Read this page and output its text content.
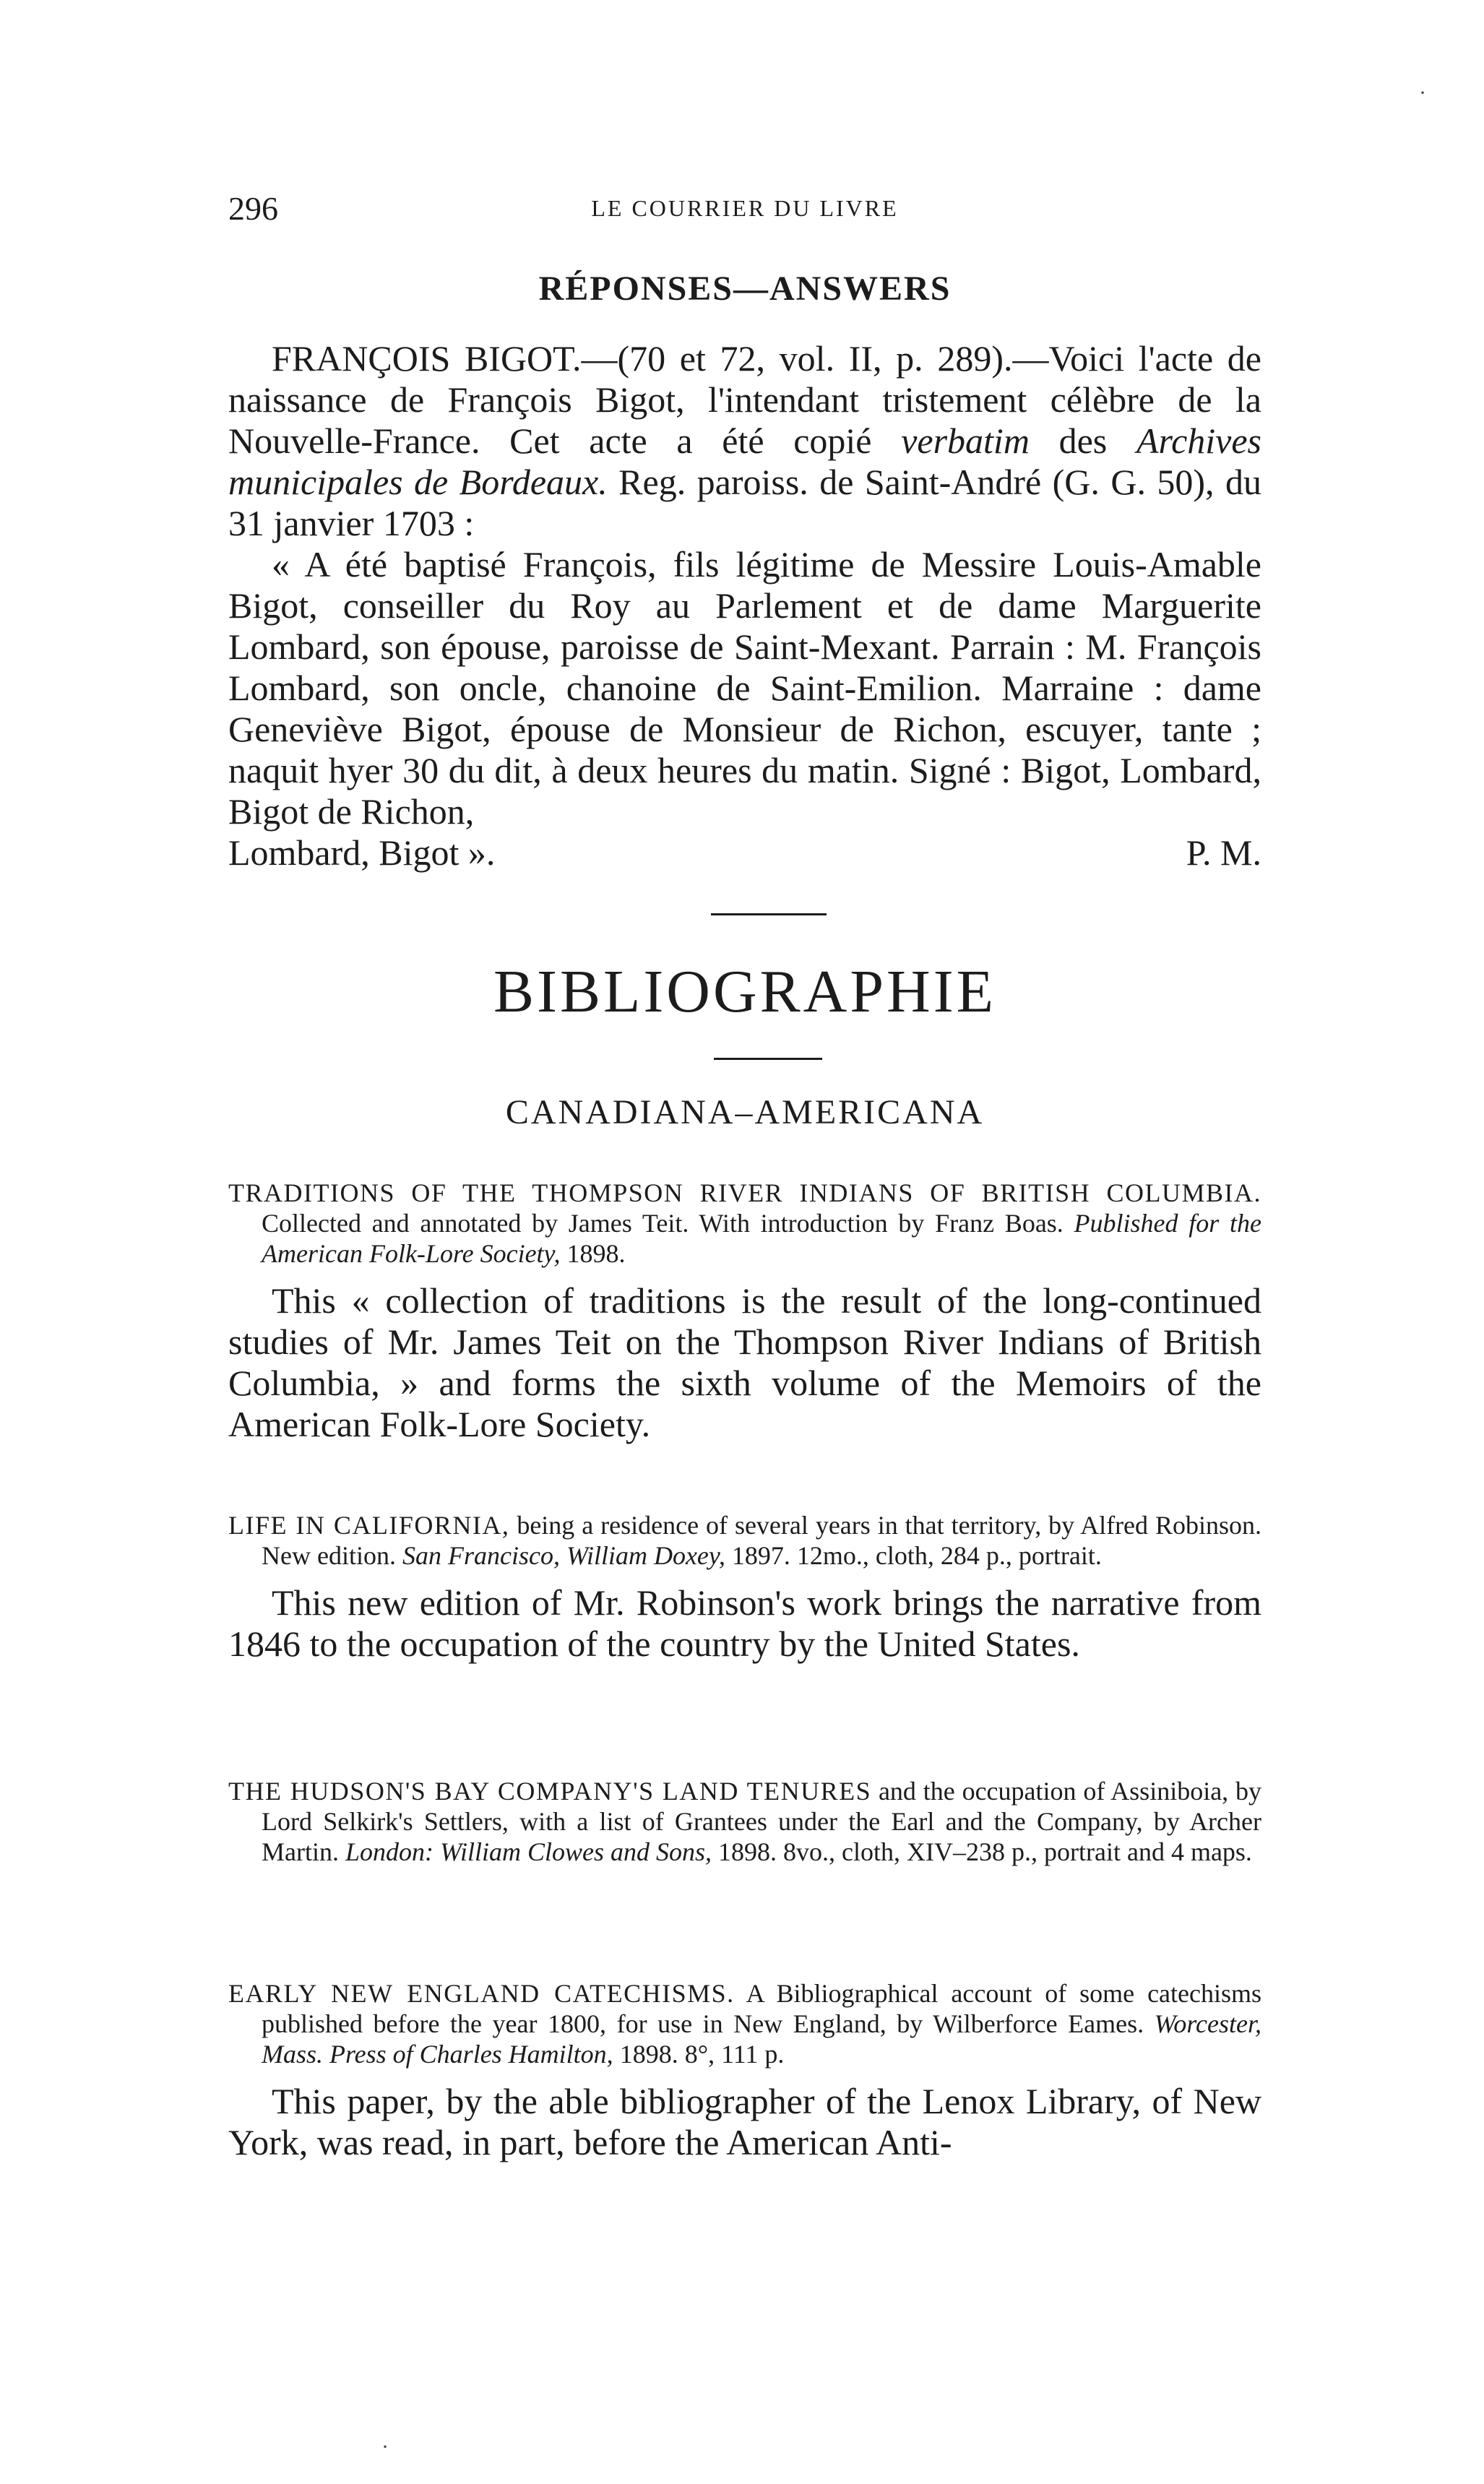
296	LE COURRIER DU LIVRE
RÉPONSES—ANSWERS

FRANÇOIS BIGOT.—(70 et 72, vol. II, p. 289).—Voici l'acte de naissance de François Bigot, l'intendant tristement célèbre de la Nouvelle-France. Cet acte a été copié verbatim des Archives municipales de Bordeaux. Reg. paroiss. de Saint-André (G. G. 50), du 31 janvier 1703 :

« A été baptisé François, fils légitime de Messire Louis-Amable Bigot, conseiller du Roy au Parlement et de dame Marguerite Lombard, son épouse, paroisse de Saint-Mexant. Parrain : M. François Lombard, son oncle, chanoine de Saint-Emilion. Marraine : dame Geneviève Bigot, épouse de Monsieur de Richon, escuyer, tante ; naquit hyer 30 du dit, à deux heures du matin. Signé : Bigot, Lombard, Bigot de Richon,

Lombard, Bigot ».	P. M.
BIBLIOGRAPHIE
CANADIANA–AMERICANA

TRADITIONS OF THE THOMPSON RIVER INDIANS OF BRITISH COLUMBIA. Collected and annotated by James Teit. With introduction by Franz Boas. Published for the American Folk-Lore Society, 1898.

This « collection of traditions is the result of the long-continued studies of Mr. James Teit on the Thompson River Indians of British Columbia, » and forms the sixth volume of the Memoirs of the American Folk-Lore Society.

LIFE IN CALIFORNIA, being a residence of several years in that territory, by Alfred Robinson. New edition. San Francisco, William Doxey, 1897. 12mo., cloth, 284 p., portrait.

This new edition of Mr. Robinson's work brings the narrative from 1846 to the occupation of the country by the United States.

THE HUDSON'S BAY COMPANY'S LAND TENURES and the occupation of Assiniboia, by Lord Selkirk's Settlers, with a list of Grantees under the Earl and the Company, by Archer Martin. London: William Clowes and Sons, 1898. 8vo., cloth, XIV–238 p., portrait and 4 maps.

EARLY NEW ENGLAND CATECHISMS. A Bibliographical account of some catechisms published before the year 1800, for use in New England, by Wilberforce Eames. Worcester, Mass. Press of Charles Hamilton, 1898. 8°, 111 p.

This paper, by the able bibliographer of the Lenox Library, of New York, was read, in part, before the American Anti-

·
·
